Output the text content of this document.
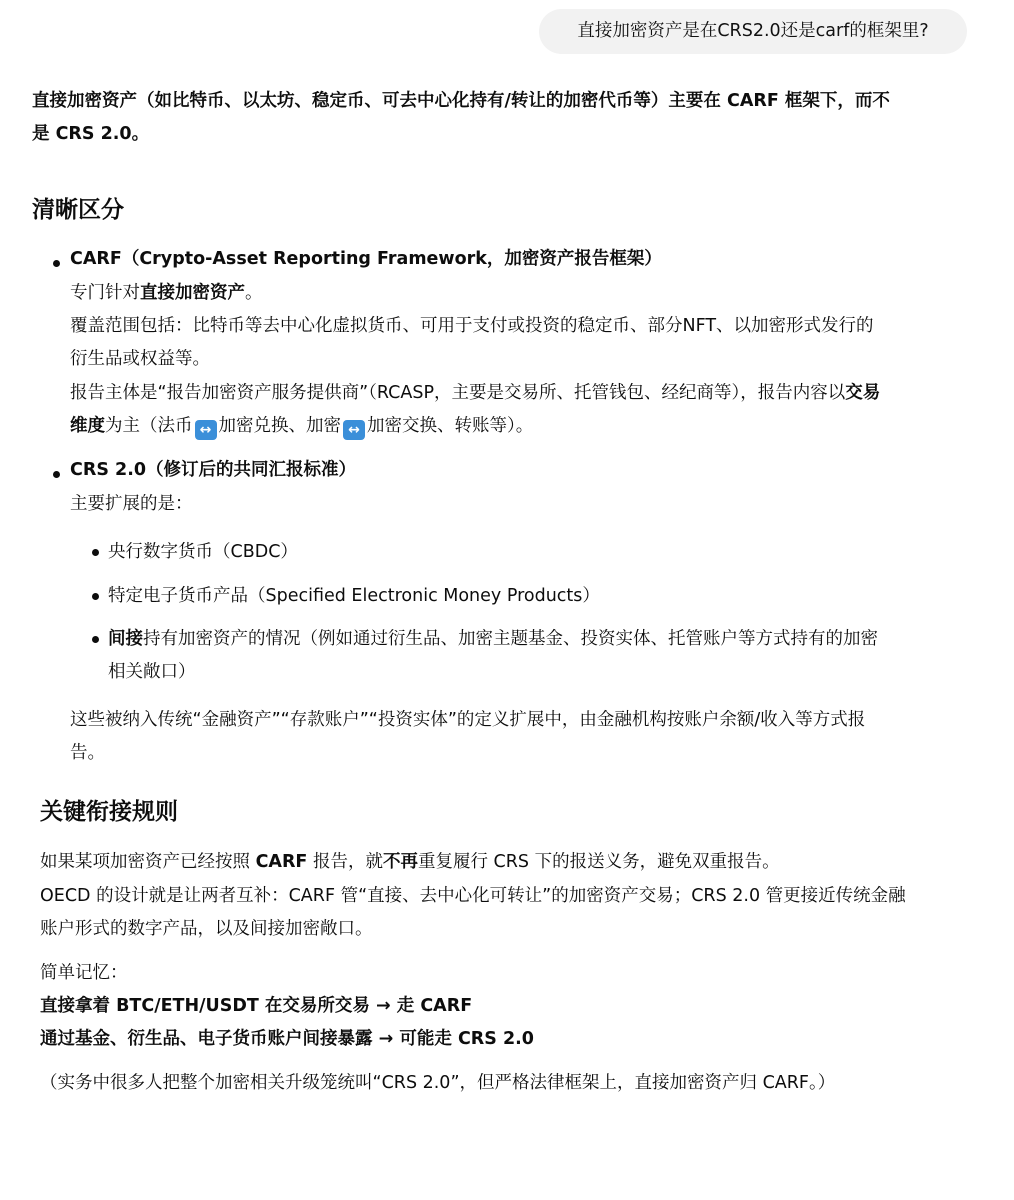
直接加密资产是在CRS2.0还是carf的框架里?
直接加密资产（如比特币、以太坊、稳定币、可去中心化持有/转让的加密代币等）主要在 CARF 框架下，而不
是 CRS 2.0。
清晰区分
CARF（Crypto-Asset Reporting Framework，加密资产报告框架）
专门针对直接加密资产。
覆盖范围包括：比特币等去中心化虚拟货币、可用于支付或投资的稳定币、部分NFT、以加密形式发行的
衍生品或权益等。
报告主体是“报告加密资产服务提供商”（RCASP，主要是交易所、托管钱包、经纪商等），报告内容以交易
维度为主（法币 ↔ 加密兑换、加密 ↔ 加密交换、转账等）。
CRS 2.0（修订后的共同汇报标准）
主要扩展的是：
央行数字货币（CBDC）
特定电子货币产品（Specified Electronic Money Products）
间接持有加密资产的情况（例如通过衍生品、加密主题基金、投资实体、托管账户等方式持有的加密
相关敞口）
这些被纳入传统“金融资产”“存款账户”“投资实体”的定义扩展中，由金融机构按账户余额/收入等方式报
告。
关键衔接规则
如果某项加密资产已经按照 CARF 报告，就不再重复履行 CRS 下的报送义务，避免双重报告。
OECD 的设计就是让两者互补：CARF 管“直接、去中心化可转让”的加密资产交易；CRS 2.0 管更接近传统金融
账户形式的数字产品，以及间接加密敞口。
简单记忆：
直接拿着 BTC/ETH/USDT 在交易所交易 → 走 CARF
通过基金、衍生品、电子货币账户间接暴露 → 可能走 CRS 2.0
（实务中很多人把整个加密相关升级笼统叫“CRS 2.0”，但严格法律框架上，直接加密资产归 CARF。）
